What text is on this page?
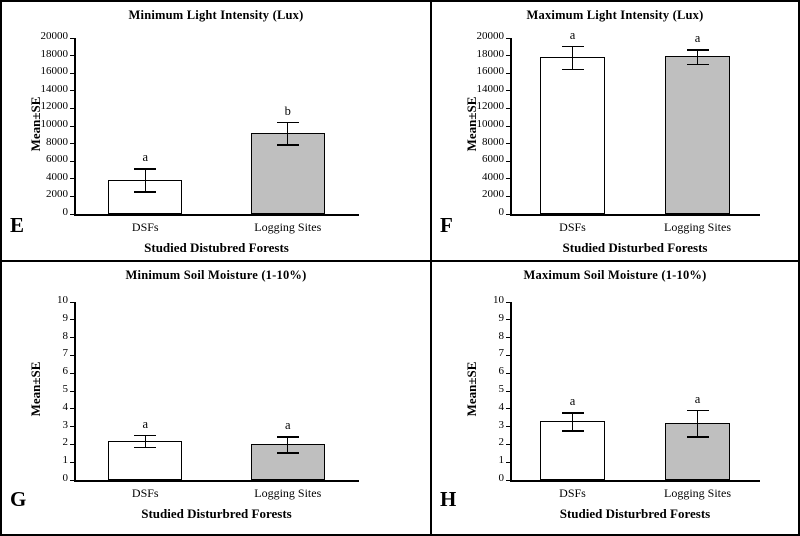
Minimum Light Intensity (Lux)
0
2000
4000
6000
8000
10000
12000
14000
16000
18000
20000
Mean±SE
a
DSFs
b
Logging Sites
Studied Distubred Forests
E
Maximum Light Intensity (Lux)
0
2000
4000
6000
8000
10000
12000
14000
16000
18000
20000
Mean±SE
a
DSFs
a
Logging Sites
Studied Disturbed Forests
F
Minimum Soil Moisture (1-10%)
0
1
2
3
4
5
6
7
8
9
10
Mean±SE
a
DSFs
a
Logging Sites
Studied Disturbred Forests
G
Maximum Soil Moisture (1-10%)
0
1
2
3
4
5
6
7
8
9
10
Mean±SE	a
DSFs
a
Logging Sites
Studied Disturbred Forests
H
